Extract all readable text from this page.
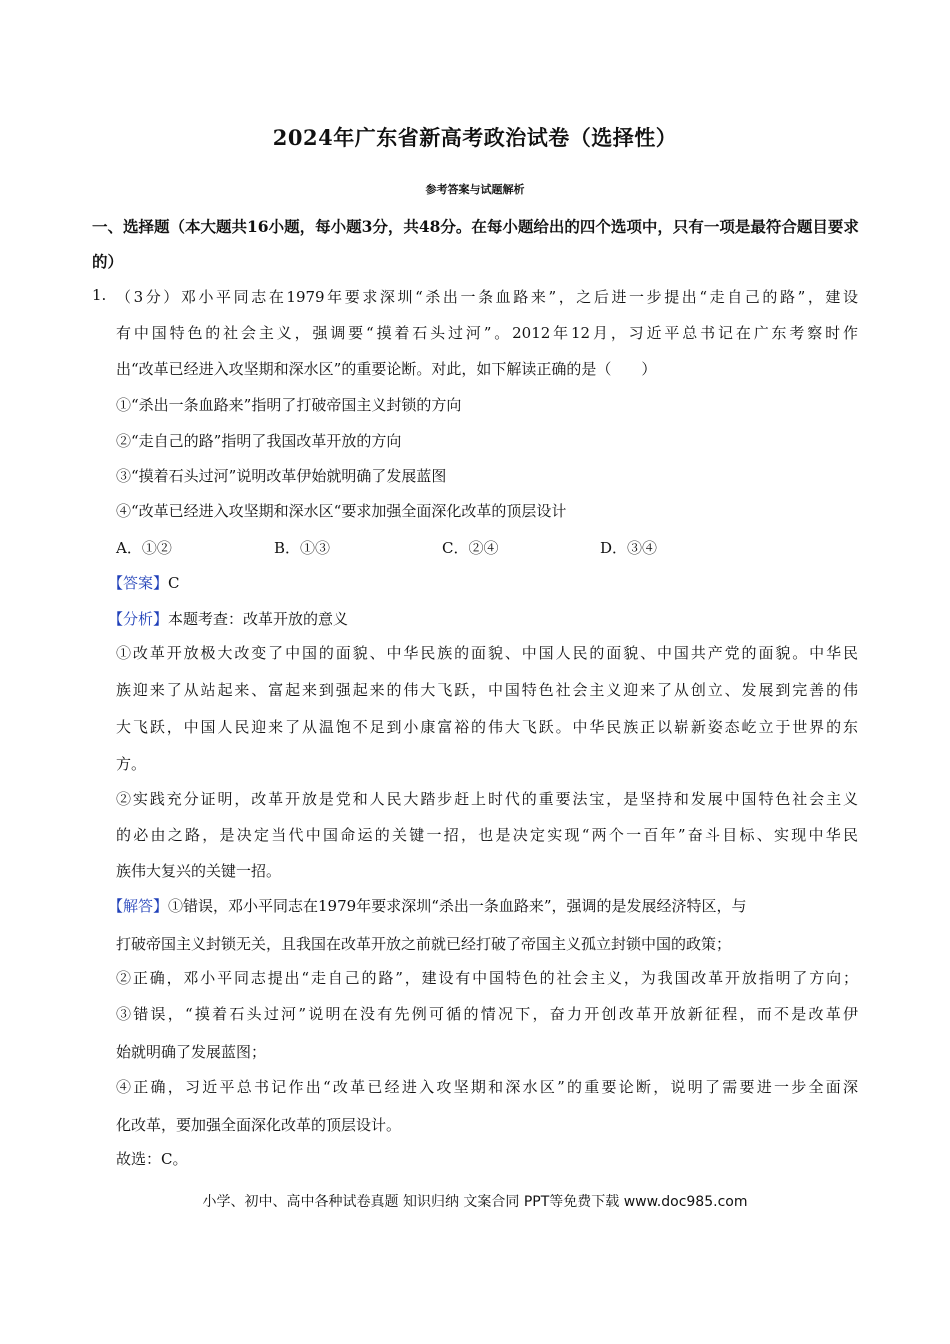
2024年广东省新高考政治试卷（选择性）
参考答案与试题解析
一、选择题（本大题共16小题，每小题3分，共48分。在每小题给出的四个选项中，只有一项是最符合题目要求的）
1. （3分）邓小平同志在1979年要求深圳“杀出一条血路来”，之后进一步提出“走自己的路”，建设
有中国特色的社会主义，强调要“摸着石头过河”。2012年12月，习近平总书记在广东考察时作
出“改革已经进入攻坚期和深水区”的重要论断。对此，如下解读正确的是（　　）
①“杀出一条血路来”指明了打破帝国主义封锁的方向
②“走自己的路”指明了我国改革开放的方向
③“摸着石头过河”说明改革伊始就明确了发展蓝图
④“改革已经进入攻坚期和深水区“要求加强全面深化改革的顶层设计
A．①②	B．①③	C．②④	D．③④
【答案】C
【分析】本题考查：改革开放的意义
①改革开放极大改变了中国的面貌、中华民族的面貌、中国人民的面貌、中国共产党的面貌。中华民
族迎来了从站起来、富起来到强起来的伟大飞跃，中国特色社会主义迎来了从创立、发展到完善的伟
大飞跃，中国人民迎来了从温饱不足到小康富裕的伟大飞跃。中华民族正以崭新姿态屹立于世界的东
方。
②实践充分证明，改革开放是党和人民大踏步赶上时代的重要法宝，是坚持和发展中国特色社会主义
的必由之路，是决定当代中国命运的关键一招，也是决定实现“两个一百年”奋斗目标、实现中华民
族伟大复兴的关键一招。
【解答】①错误，邓小平同志在1979年要求深圳“杀出一条血路来”，强调的是发展经济特区，与
打破帝国主义封锁无关，且我国在改革开放之前就已经打破了帝国主义孤立封锁中国的政策；
②正确，邓小平同志提出“走自己的路”，建设有中国特色的社会主义，为我国改革开放指明了方向；
③错误，“摸着石头过河”说明在没有先例可循的情况下，奋力开创改革开放新征程，而不是改革伊
始就明确了发展蓝图；
④正确，习近平总书记作出“改革已经进入攻坚期和深水区”的重要论断，说明了需要进一步全面深
化改革，要加强全面深化改革的顶层设计。
故选：C。
小学、初中、高中各种试卷真题 知识归纳 文案合同 PPT等免费下载 www.doc985.com
